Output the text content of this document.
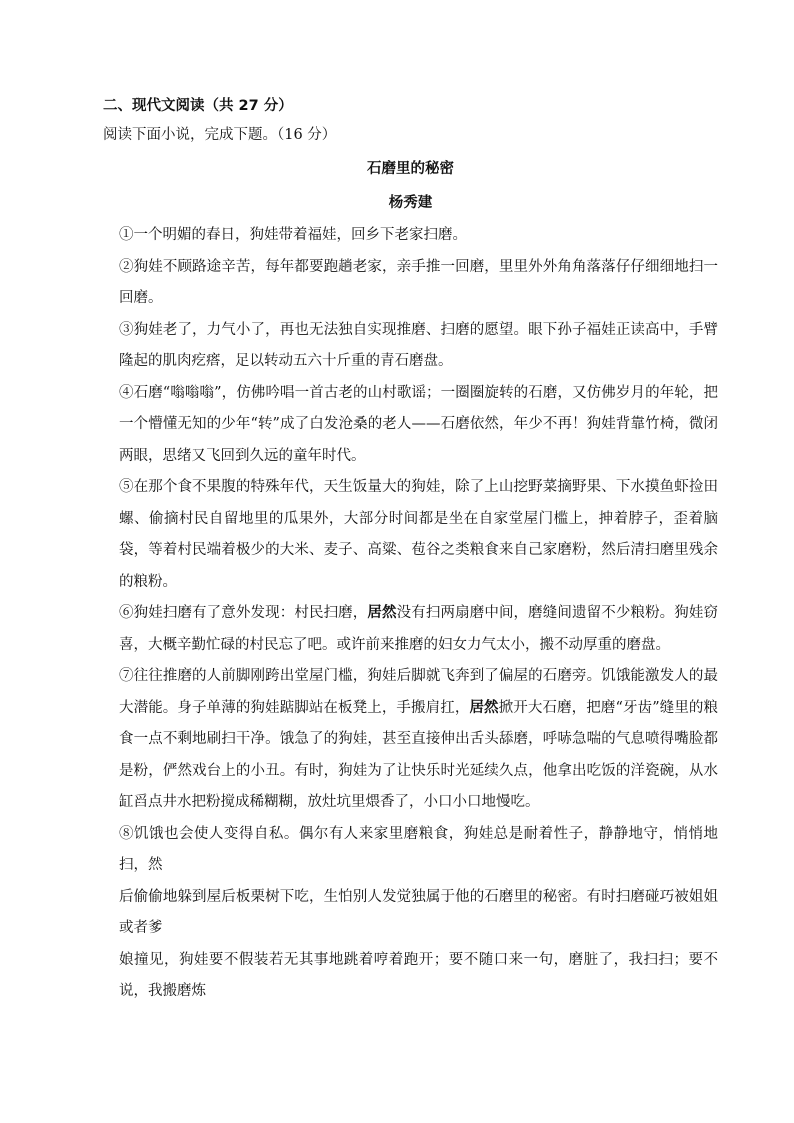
二、现代文阅读（共 27 分）

阅读下面小说，完成下题。（16 分）

石磨里的秘密

杨秀建

①一个明媚的春日，狗娃带着福娃，回乡下老家扫磨。

②狗娃不顾路途辛苦，每年都要跑趟老家，亲手推一回磨，里里外外角角落落仔仔细细地扫一回磨。

③狗娃老了，力气小了，再也无法独自实现推磨、扫磨的愿望。眼下孙子福娃正读高中，手臂隆起的肌肉疙瘩，足以转动五六十斤重的青石磨盘。

④石磨“嗡嗡嗡”，仿佛吟唱一首古老的山村歌谣；一圈圈旋转的石磨，又仿佛岁月的年轮，把一个懵懂无知的少年“转”成了白发沧桑的老人——石磨依然，年少不再！狗娃背靠竹椅，微闭两眼，思绪又飞回到久远的童年时代。

⑤在那个食不果腹的特殊年代，天生饭量大的狗娃，除了上山挖野菜摘野果、下水摸鱼虾捡田螺、偷摘村民自留地里的瓜果外，大部分时间都是坐在自家堂屋门槛上，抻着脖子，歪着脑袋，等着村民端着极少的大米、麦子、高粱、苞谷之类粮食来自己家磨粉，然后清扫磨里残余的粮粉。

⑥狗娃扫磨有了意外发现：村民扫磨，居然没有扫两扇磨中间，磨缝间遗留不少粮粉。狗娃窃喜，大概辛勤忙碌的村民忘了吧。或许前来推磨的妇女力气太小，搬不动厚重的磨盘。

⑦往往推磨的人前脚刚跨出堂屋门槛，狗娃后脚就飞奔到了偏屋的石磨旁。饥饿能激发人的最大潜能。身子单薄的狗娃踮脚站在板凳上，手搬肩扛，居然掀开大石磨，把磨“牙齿”缝里的粮食一点不剩地刷扫干净。饿急了的狗娃，甚至直接伸出舌头舔磨，呼哧急喘的气息喷得嘴脸都是粉，俨然戏台上的小丑。有时，狗娃为了让快乐时光延续久点，他拿出吃饭的洋瓷碗，从水缸舀点井水把粉搅成稀糊糊，放灶坑里煨香了，小口小口地慢吃。

⑧饥饿也会使人变得自私。偶尔有人来家里磨粮食，狗娃总是耐着性子，静静地守，悄悄地扫，然

后偷偷地躲到屋后板栗树下吃，生怕别人发觉独属于他的石磨里的秘密。有时扫磨碰巧被姐姐或者爹

娘撞见，狗娃要不假装若无其事地跳着哼着跑开；要不随口来一句，磨脏了，我扫扫；要不说，我搬磨炼
